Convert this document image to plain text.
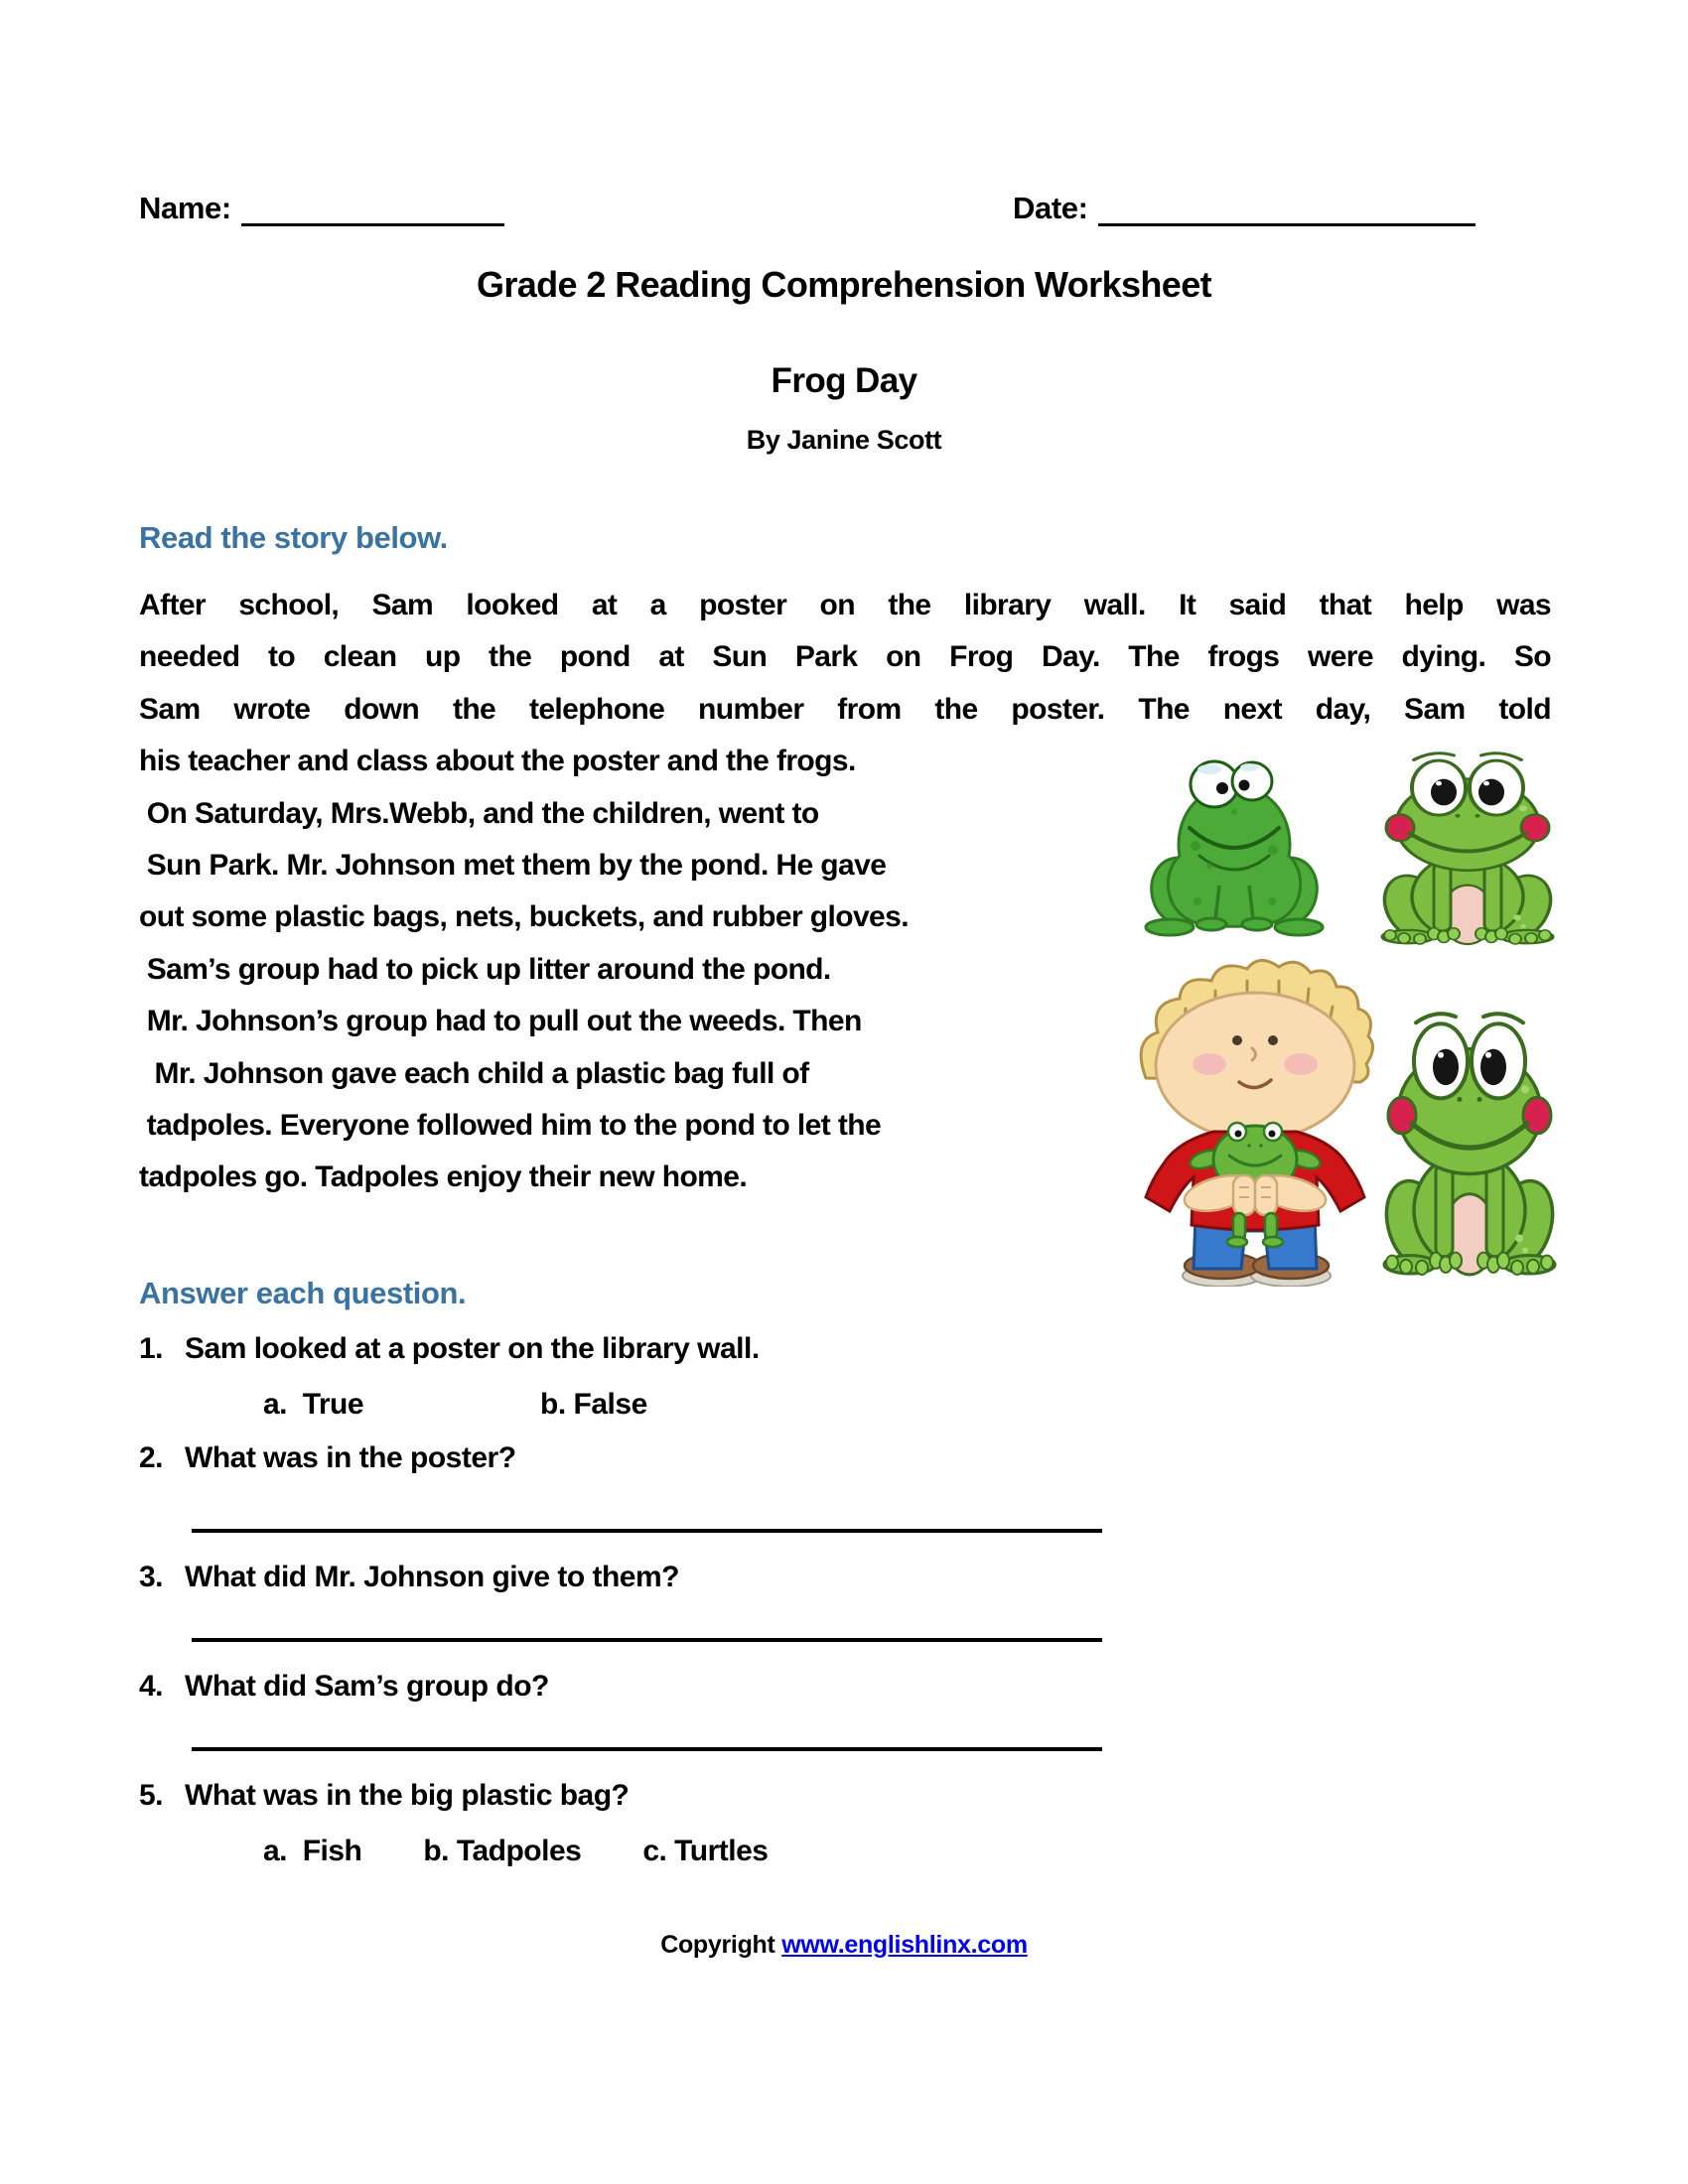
Name:	Date:
Grade 2 Reading Comprehension Worksheet
Frog Day
By Janine Scott
Read the story below.
After school, Sam looked at a poster on the library wall. It said that help was
needed to clean up the pond at Sun Park on Frog Day. The frogs were dying. So
Sam wrote down the telephone number from the poster. The next day, Sam told
his teacher and class about the poster and the frogs.
On Saturday, Mrs.Webb, and the children, went to
Sun Park. Mr. Johnson met them by the pond. He gave
out some plastic bags, nets, buckets, and rubber gloves.
Sam’s group had to pick up litter around the pond.
Mr. Johnson’s group had to pull out the weeds. Then
Mr. Johnson gave each child a plastic bag full of
tadpoles. Everyone followed him to the pond to let the
tadpoles go. Tadpoles enjoy their new home.
Answer each question.
1. Sam looked at a poster on the library wall.
a.  True	b. False
2. What was in the poster?
3. What did Mr. Johnson give to them?
4. What did Sam’s group do?
5. What was in the big plastic bag?
a.  Fish b. Tadpoles c. Turtles
Copyright www.englishlinx.com
